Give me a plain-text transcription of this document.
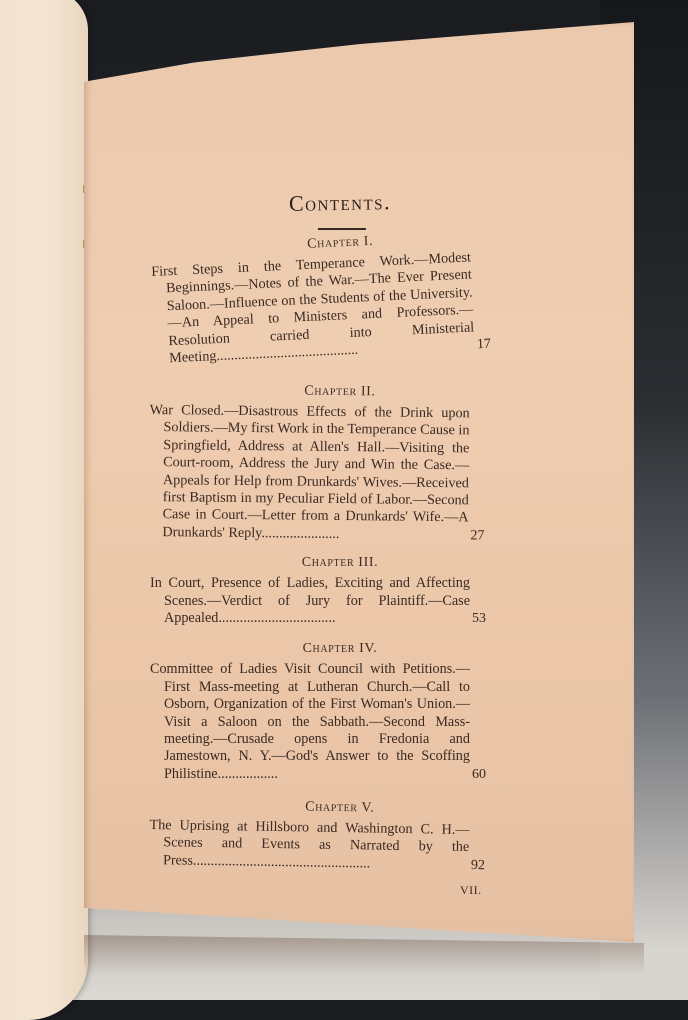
Contents.
Chapter I.
First Steps in the Temperance Work.—Modest Beginnings.—Notes of the War.—The Ever Present Saloon.—Influence on the Students of the University.—An Appeal to Ministers and Professors.—Resolution carried into Ministerial Meeting........................................	17
Chapter II.
War Closed.—Disastrous Effects of the Drink upon Soldiers.—My first Work in the Temperance Cause in Springfield, Address at Allen's Hall.—Visiting the Court-room, Address the Jury and Win the Case.—Appeals for Help from Drunkards' Wives.—Received first Baptism in my Peculiar Field of Labor.—Second Case in Court.—Letter from a Drunkards' Wife.—A Drunkards' Reply......................	27
Chapter III.
In Court, Presence of Ladies, Exciting and Affecting Scenes.—Verdict of Jury for Plaintiff.—Case Appealed.................................	53
Chapter IV.
Committee of Ladies Visit Council with Petitions.—First Mass-meeting at Lutheran Church.—Call to Osborn, Organization of the First Woman's Union.—Visit a Saloon on the Sabbath.—Second Mass-meeting.—Crusade opens in Fredonia and Jamestown, N. Y.—God's Answer to the Scoffing Philistine.................	60
Chapter V.
The Uprising at Hillsboro and Washington C. H.—Scenes and Events as Narrated by the Press..................................................	92
VII.
